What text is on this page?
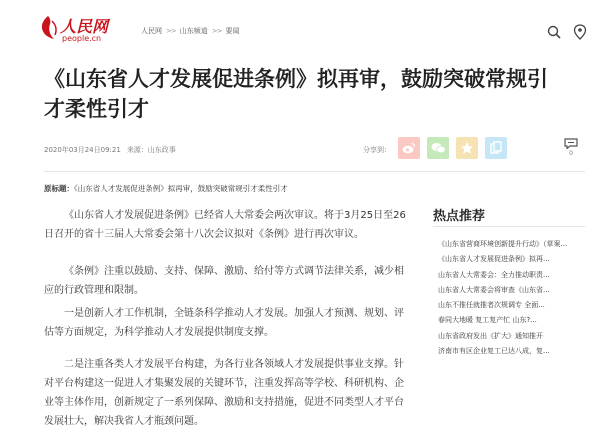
人民网
people.cn
人民网 >> 山东频道 >> 要闻
《山东省人才发展促进条例》拟再审，鼓励突破常规引才柔性引才
2020年03月24日09:21 来源：山东政事	分享到：	0
原标题：《山东省人才发展促进条例》拟再审，鼓励突破常规引才柔性引才

《山东省人才发展促进条例》已经省人大常委会两次审议。将于3月25日至26日召开的省十三届人大常委会第十八次会议拟对《条例》进行再次审议。

《条例》注重以鼓励、支持、保障、激励、给付等方式调节法律关系，减少相应的行政管理和限制。

一是创新人才工作机制，全链条科学推动人才发展。加强人才预测、规划、评估等方面规定，为科学推动人才发展提供制度支撑。

二是注重各类人才发展平台构建，为各行业各领域人才发展提供事业支撑。针对平台构建这一促进人才集聚发展的关键环节，注重发挥高等学校、科研机构、企业等主体作用，创新规定了一系列保障、激励和支持措施，促进不同类型人才平台发展壮大，解决我省人才瓶颈问题。

热点推荐
《山东省营商环境创新提升行动》（草案...
《山东省人才发展促进条例》拟再...
山东省人大常委会：全力推动职责...
山东省人大常委会将审查《山东省...
山东不推任就推者次规调专 全面...
春同大地暖 复工复产忙 山东?...
山东省政府发出《扩大》通知推开
济南市有区企业复工已达八成，复...
